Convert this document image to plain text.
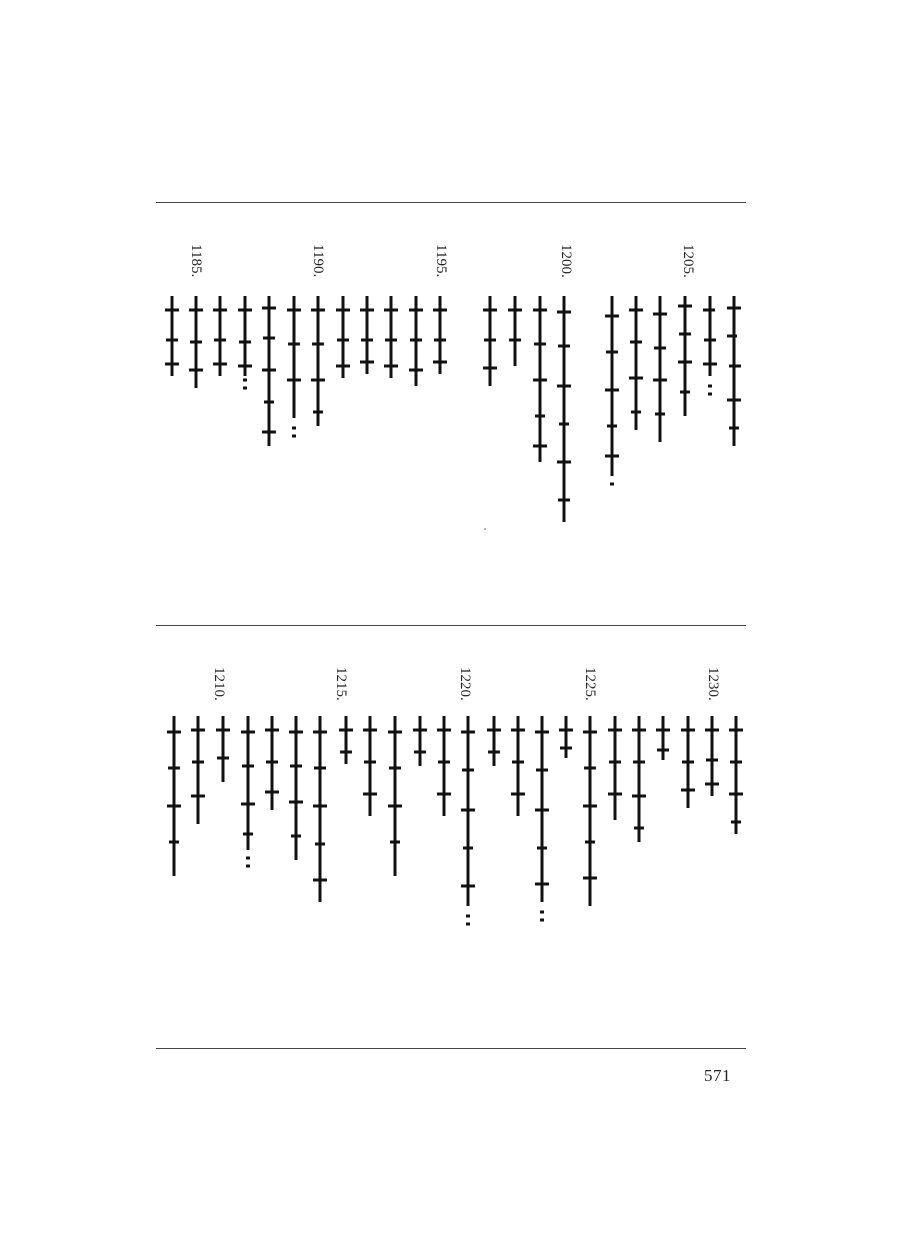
1205.
1200.
1195.
1190.
1185.
1230.
1225.
1220.
1215.
1210.
571
